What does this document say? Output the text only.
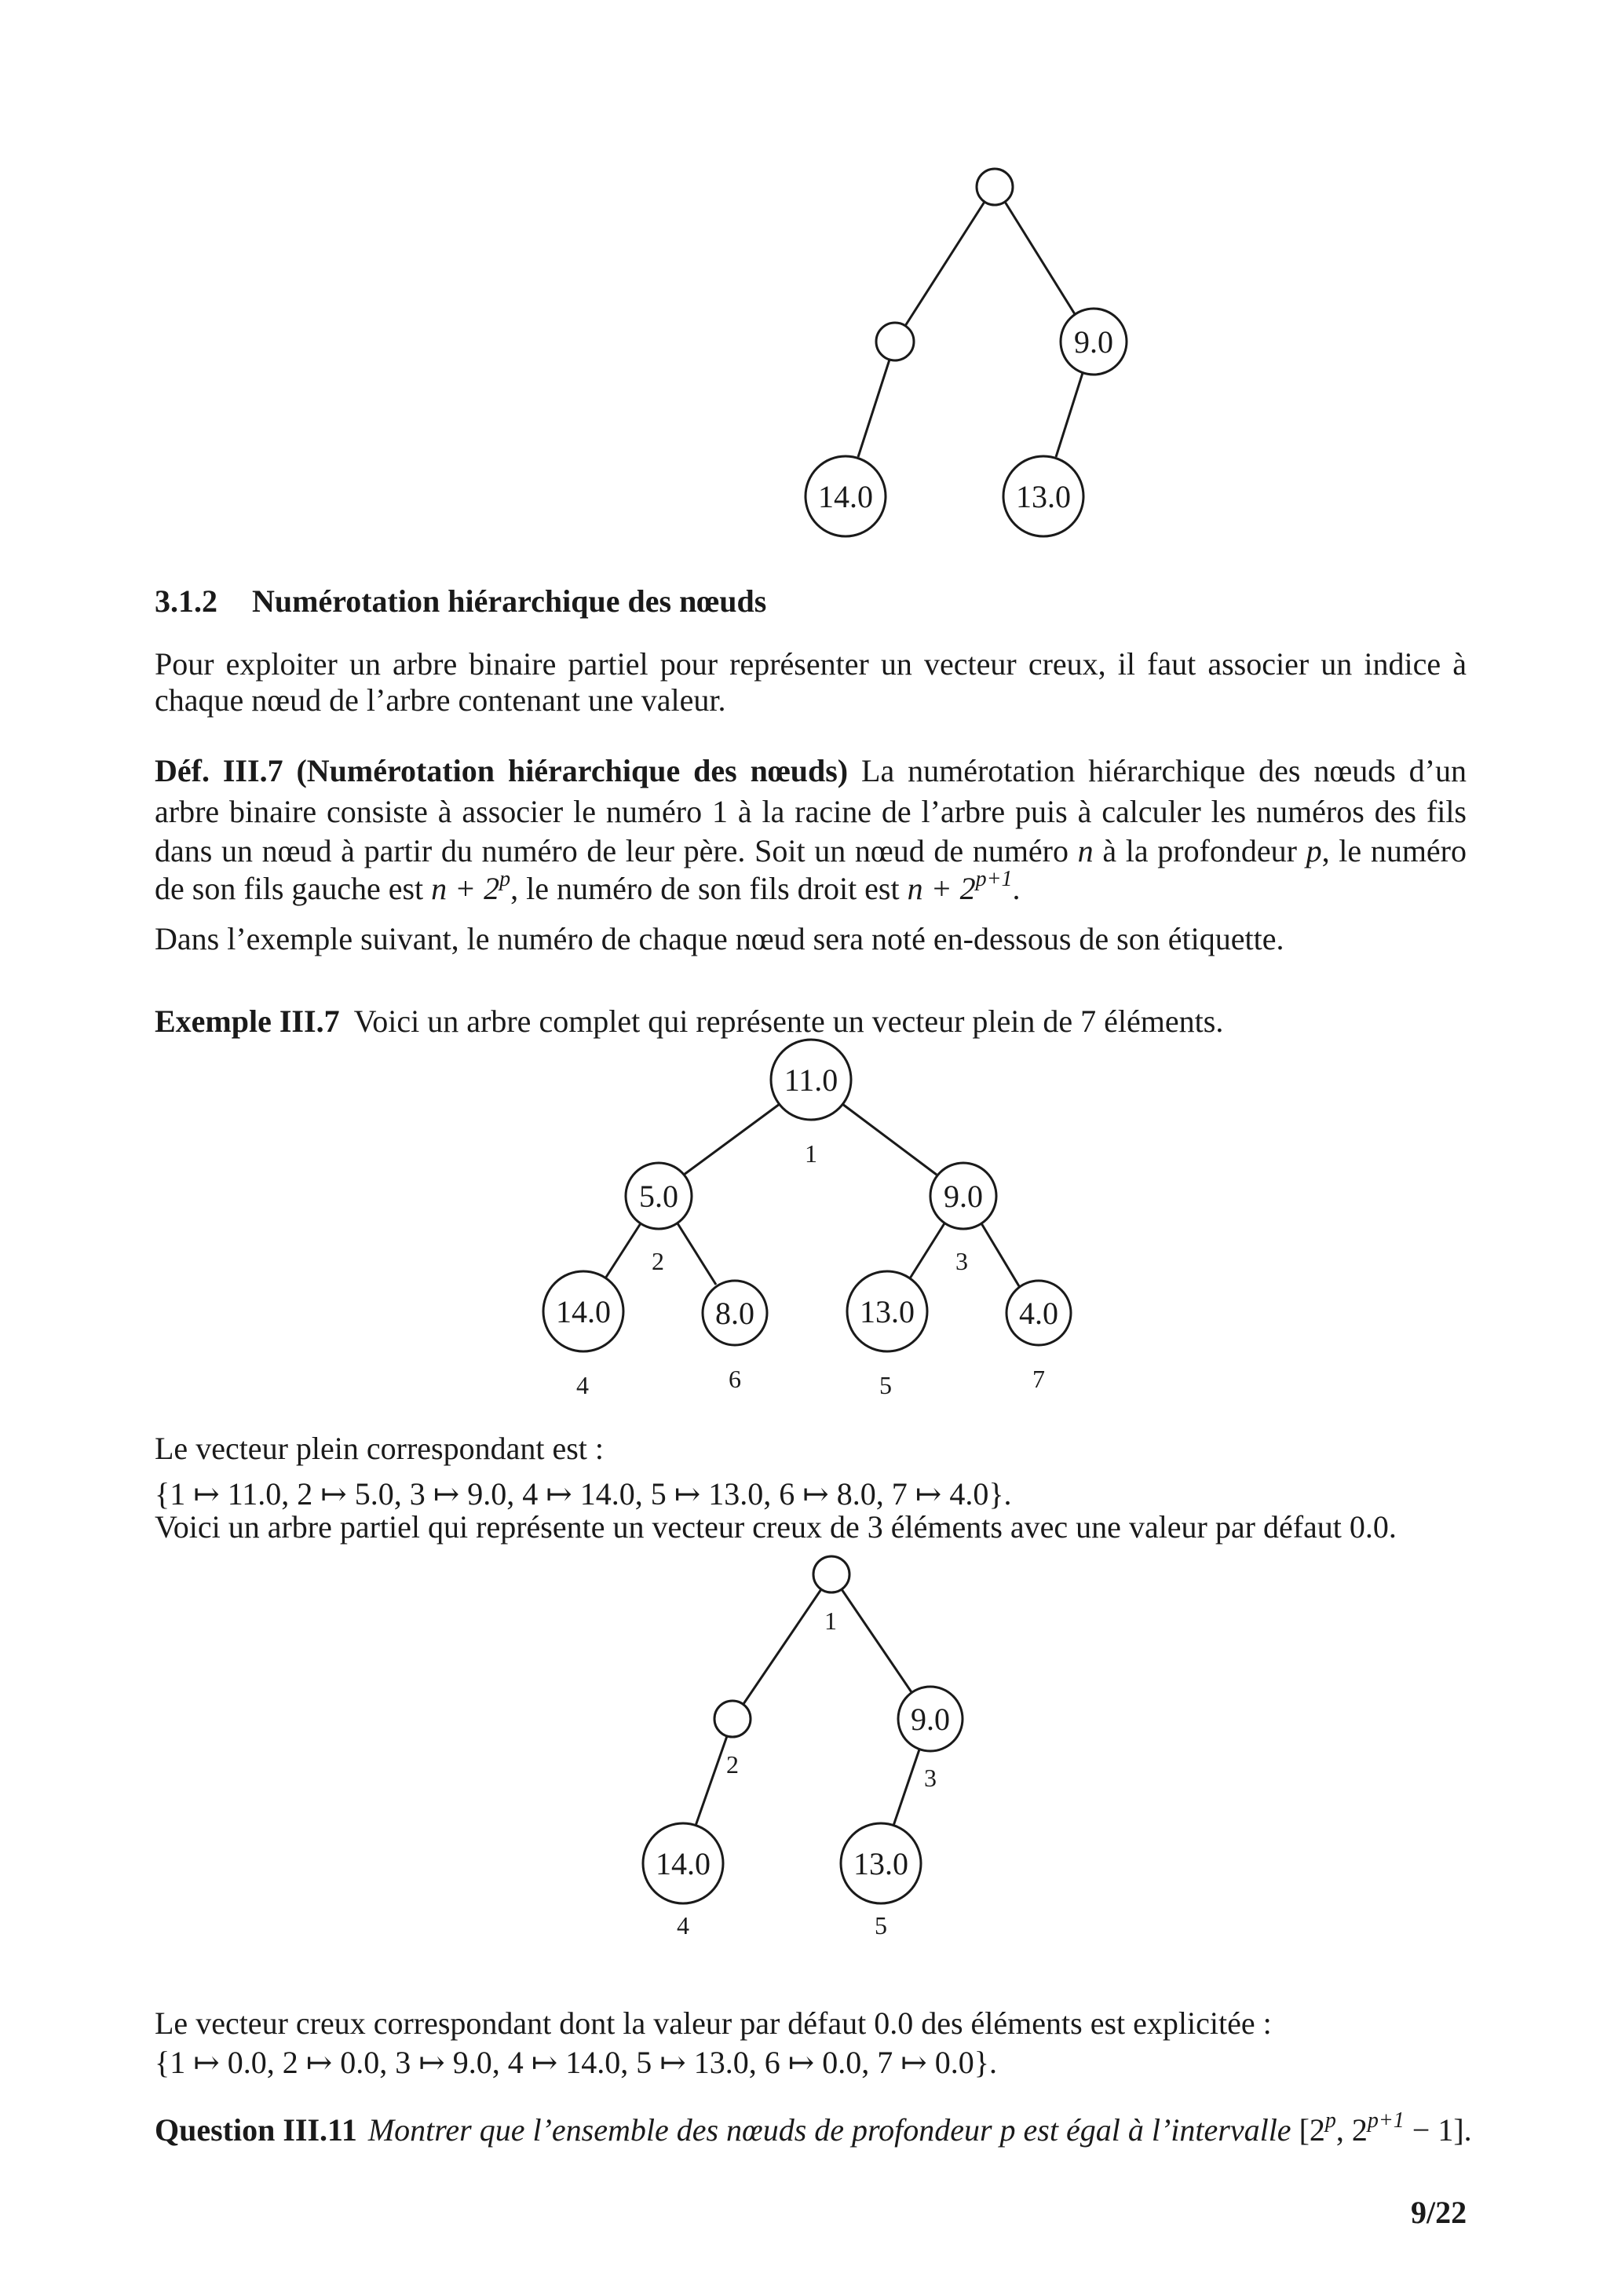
9.0
14.0	13.0
3.1.2 Numérotation hiérarchique des nœuds
Pour exploiter un arbre binaire partiel pour représenter un vecteur creux, il faut associer un indice à
chaque nœud de l’arbre contenant une valeur.
Déf. III.7 (Numérotation hiérarchique des nœuds) La numérotation hiérarchique des nœuds d’un
arbre binaire consiste à associer le numéro 1 à la racine de l’arbre puis à calculer les numéros des fils
dans un nœud à partir du numéro de leur père. Soit un nœud de numéro n à la profondeur p, le numéro
de son fils gauche est $n + 2^p$, le numéro de son fils droit est $n + 2^{p+1}$.
Dans l’exemple suivant, le numéro de chaque nœud sera noté en-dessous de son étiquette.
Exemple III.7 Voici un arbre complet qui représente un vecteur plein de 7 éléments.
11.0
5.0	9.0
14.0	8.0	13.0	4.0
1
2	3
4	6	5	7
Le vecteur plein correspondant est :
{1 ↦ 11.0, 2 ↦ 5.0, 3 ↦ 9.0, 4 ↦ 14.0, 5 ↦ 13.0, 6 ↦ 8.0, 7 ↦ 4.0}.
Voici un arbre partiel qui représente un vecteur creux de 3 éléments avec une valeur par défaut 0.0.
9.0
14.0	13.0
1
2	3
4	5
Le vecteur creux correspondant dont la valeur par défaut 0.0 des éléments est explicitée :
{1 ↦ 0.0, 2 ↦ 0.0, 3 ↦ 9.0, 4 ↦ 14.0, 5 ↦ 13.0, 6 ↦ 0.0, 7 ↦ 0.0}.
Question III.11 Montrer que l’ensemble des nœuds de profondeur p est égal à l’intervalle [2$^p$, $2^{p+1} - 1$].
9/22
